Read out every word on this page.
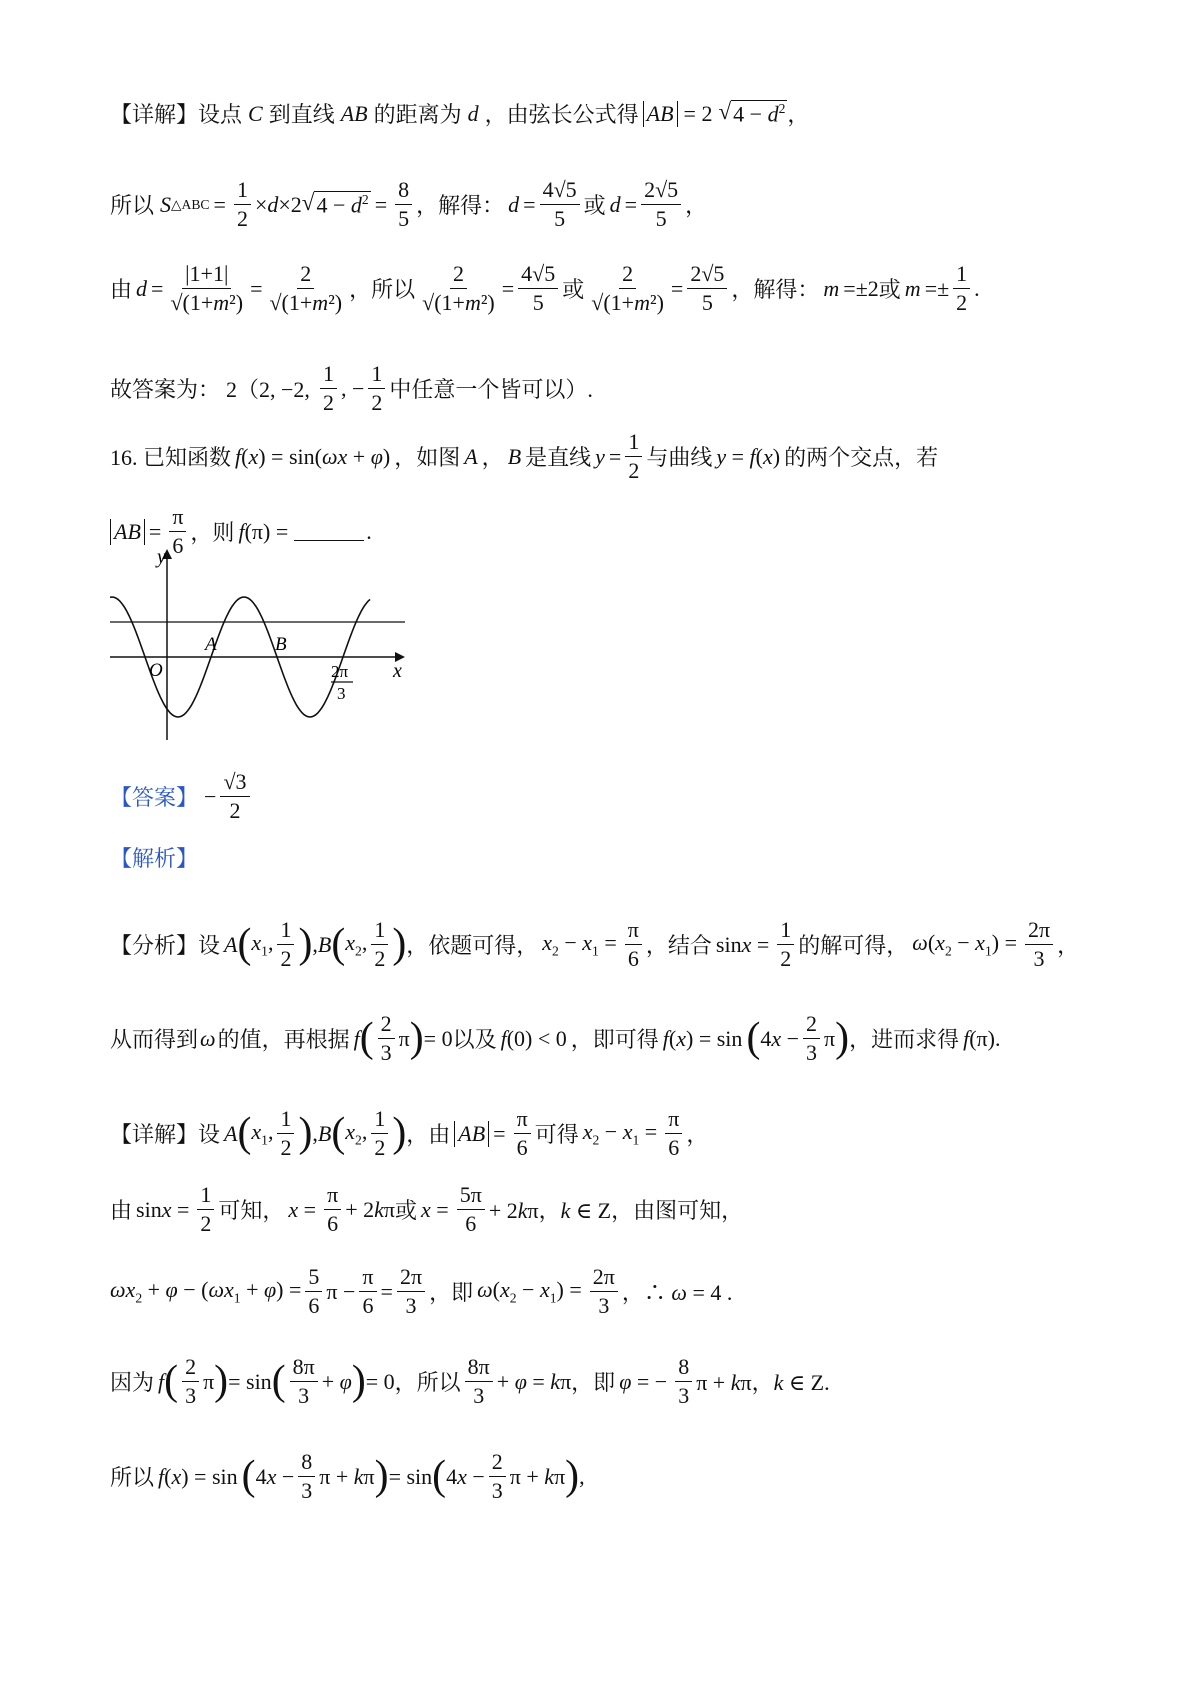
【详解】设点 C 到直线 AB 的距离为 d ，由弦长公式得 AB = 2 √ $4 - d^2$ ，
所以 S △ABC = $\frac{1}{2} \times d\times 2$ √ $4 - d^2 = \frac{8}{5}$ ，解得： $d = \frac{4√5}{5}$ 或 $d = \frac{2√5}{5}$ ，
由 $d = \frac{|1+1|}{\text{√(1+m²)}} = \frac{2}{\text{√(1+m²)}}$ ，所以 $\frac{2}{\text{√(1+m²)}} = \frac{4√5}{5}$ 或 $\frac{2}{\text{√(1+m²)}} = \frac{2√5}{5}$ ，解得： m =±2 或 $m =\pm \frac{1}{2}$ .
故答案为： 2（2, −2, $\frac{1}{2}$ , − $\frac{1}{2}$ 中任意一个皆可以）.
16. 已知函数 f(x) = sin(ωx + φ) ，如图 A ， B 是直线 $y = \frac{1}{2}$ 与曲线 y = f(x) 的两个交点，若
AB = $\frac{\pi}{6}$ ，则 f(π) =	.
y
x
O
A	B
2π
3
【答案】 − $\frac{√3}{2}$
【解析】
【分析】设 A ( $x_1$, $\frac{1}{2}$ ) ,B ( $x_2$, $\frac{1}{2}$ ) ，依题可得， $x_2 - x_1 = \frac{\pi}{6}$ ，结合 $\sin x = \frac{1}{2}$ 的解可得， $\omega(x_2 - x_1) = \frac{2\pi}{3}$ ，
从而得到 ω 的值，再根据 f ( $\frac{2}{3}$ π ) = 0 以及 f(0) < 0 ，即可得 f(x) = sin ( $4x - \frac{2}{3}$ π ) ，进而求得 f(π).
【详解】设 A ( $x_1$, $\frac{1}{2}$ ) ,B ( $x_2$, $\frac{1}{2}$ ) ，由 AB = $\frac{\pi}{6}$ 可得 $x_2 - x_1 = \frac{\pi}{6}$ ，
由 $\sin x = \frac{1}{2}$ 可知， $x = \frac{\pi}{6} + 2k\pi$ 或 $x = \frac{5\pi}{6} + 2k\pi$，k ∈ Z ，由图可知，
$\omega x_2 + \varphi - (\omega x_1 + \varphi) = \frac{5}{6}$ $\pi - \frac{\pi}{6} = \frac{2\pi}{3}$ ，即 $\omega(x_2 - x_1) = \frac{2\pi}{3}$ ，∴ ω = 4 .
因为 f ( $\frac{2}{3}$ π ) = sin ( $\frac{8\pi}{3} + \varphi$ ) = 0 ，所以 $\frac{8\pi}{3} + \varphi = k\pi$ ，即 φ = − $\frac{8}{3}$ π + kπ，k ∈ Z.
所以 f(x) = sin ( $4x - \frac{8}{3}$ π + kπ ) = sin ( $4x - \frac{2}{3}$ π + kπ ) ,
